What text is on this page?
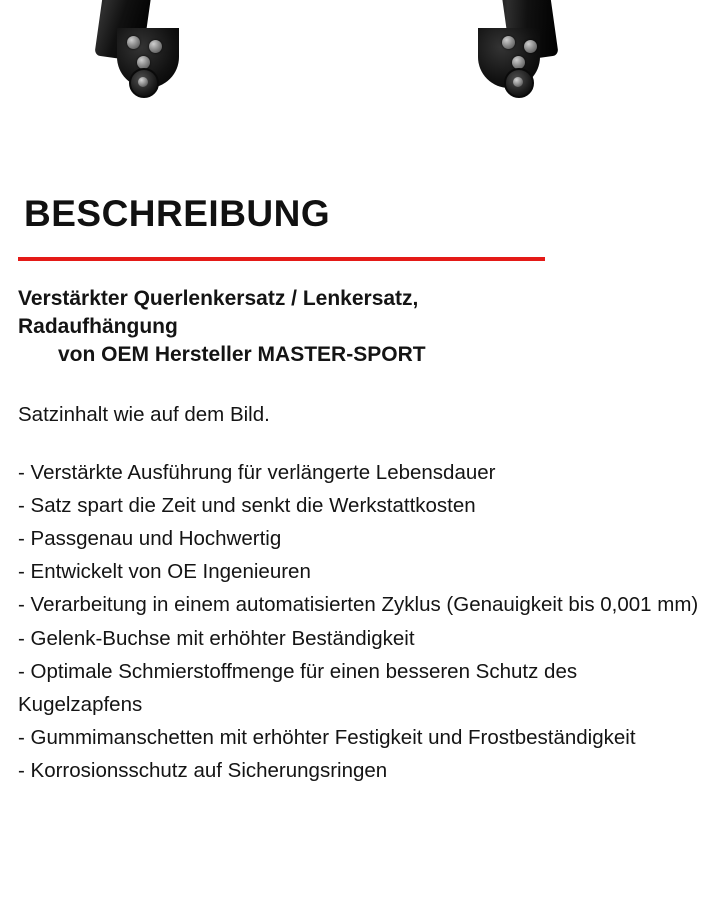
BESCHREIBUNG
Verstärkter Querlenkersatz / Lenkersatz,
Radaufhängung
von OEM Hersteller MASTER-SPORT

Satzinhalt wie auf dem Bild.

- Verstärkte Ausführung für verlängerte Lebensdauer
- Satz spart die Zeit und senkt die Werkstattkosten
- Passgenau und Hochwertig
- Entwickelt von OE Ingenieuren
- Verarbeitung in einem automatisierten Zyklus (Genauigkeit bis 0,001 mm)
- Gelenk-Buchse mit erhöhter Beständigkeit
- Optimale Schmierstoffmenge für einen besseren Schutz des Kugelzapfens
- Gummimanschetten mit erhöhter Festigkeit und Frostbeständigkeit
- Korrosionsschutz auf Sicherungsringen
